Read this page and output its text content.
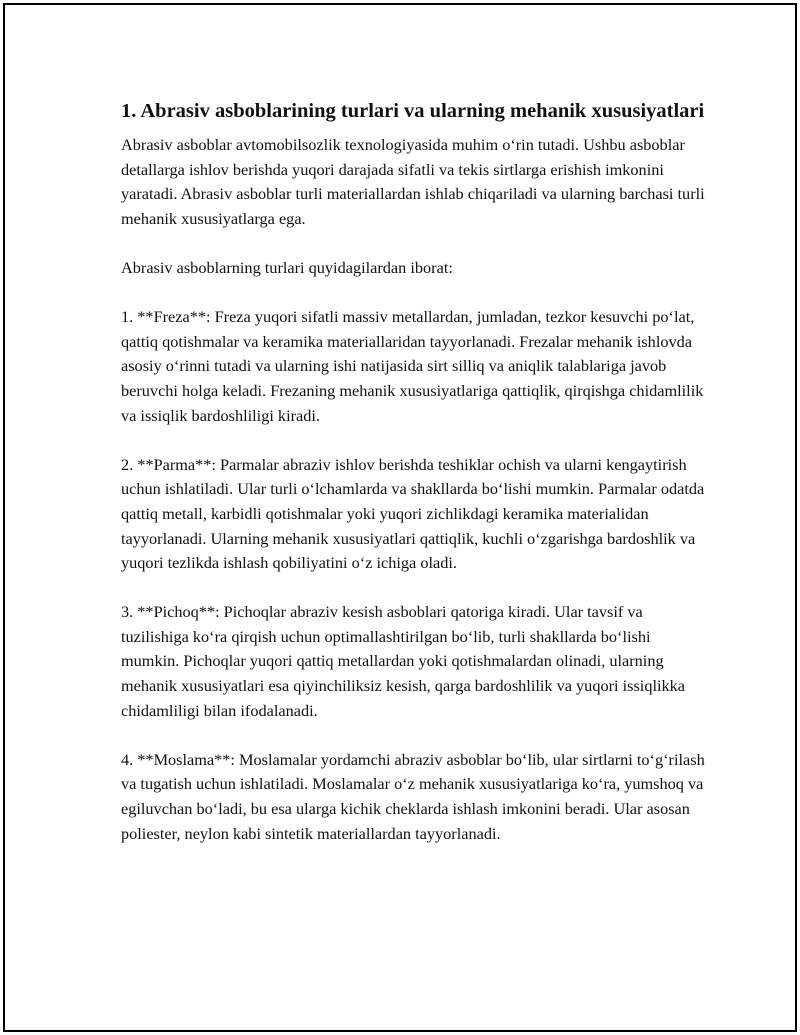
1. Abrasiv asboblarining turlari va ularning mehanik xususiyatlari

Abrasiv asboblar avtomobilsozlik texnologiyasida muhim o‘rin tutadi. Ushbu asboblar detallarga ishlov berishda yuqori darajada sifatli va tekis sirtlarga erishish imkonini yaratadi. Abrasiv asboblar turli materiallardan ishlab chiqariladi va ularning barchasi turli mehanik xususiyatlarga ega.

Abrasiv asboblarning turlari quyidagilardan iborat:

1. **Freza**: Freza yuqori sifatli massiv metallardan, jumladan, tezkor kesuvchi po‘lat, qattiq qotishmalar va keramika materiallaridan tayyorlanadi. Frezalar mehanik ishlovda asosiy o‘rinni tutadi va ularning ishi natijasida sirt silliq va aniqlik talablariga javob beruvchi holga keladi. Frezaning mehanik xususiyatlariga qattiqlik, qirqishga chidamlilik va issiqlik bardoshliligi kiradi.

2. **Parma**: Parmalar abraziv ishlov berishda teshiklar ochish va ularni kengaytirish uchun ishlatiladi. Ular turli o‘lchamlarda va shakllarda bo‘lishi mumkin. Parmalar odatda qattiq metall, karbidli qotishmalar yoki yuqori zichlikdagi keramika materialidan tayyorlanadi. Ularning mehanik xususiyatlari qattiqlik, kuchli o‘zgarishga bardoshlik va yuqori tezlikda ishlash qobiliyatini o‘z ichiga oladi.

3. **Pichoq**: Pichoqlar abraziv kesish asboblari qatoriga kiradi. Ular tavsif va tuzilishiga ko‘ra qirqish uchun optimallashtirilgan bo‘lib, turli shakllarda bo‘lishi mumkin. Pichoqlar yuqori qattiq metallardan yoki qotishmalardan olinadi, ularning mehanik xususiyatlari esa qiyinchiliksiz kesish, qarga bardoshlilik va yuqori issiqlikka chidamliligi bilan ifodalanadi.

4. **Moslama**: Moslamalar yordamchi abraziv asboblar bo‘lib, ular sirtlarni to‘g‘rilash va tugatish uchun ishlatiladi. Moslamalar o‘z mehanik xususiyatlariga ko‘ra, yumshoq va egiluvchan bo‘ladi, bu esa ularga kichik cheklarda ishlash imkonini beradi. Ular asosan poliester, neylon kabi sintetik materiallardan tayyorlanadi.
